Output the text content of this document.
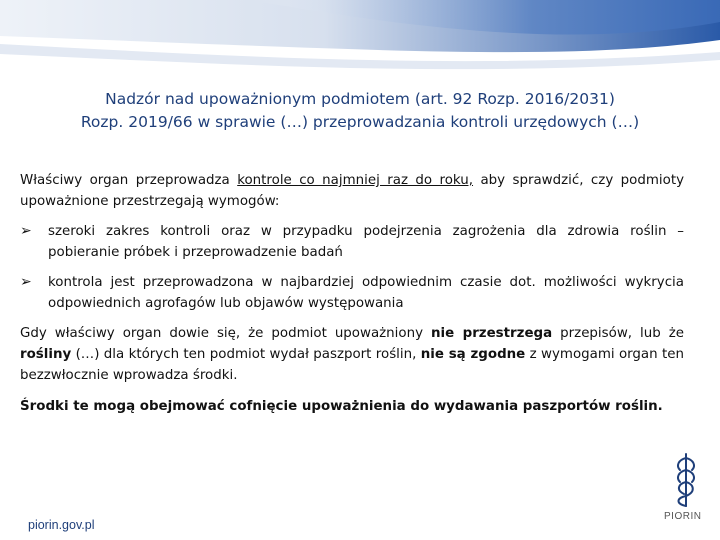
Nadzór nad upoważnionym podmiotem (art. 92 Rozp. 2016/2031)
Rozp. 2019/66 w sprawie (…) przeprowadzania kontroli urzędowych (…)

Właściwy organ przeprowadza kontrole co najmniej raz do roku, aby sprawdzić, czy podmioty upoważnione przestrzegają wymogów:

➢ szeroki zakres kontroli oraz w przypadku podejrzenia zagrożenia dla zdrowia roślin – pobieranie próbek i przeprowadzenie badań
➢ kontrola jest przeprowadzona w najbardziej odpowiednim czasie dot. możliwości wykrycia odpowiednich agrofagów lub objawów występowania

Gdy właściwy organ dowie się, że podmiot upoważniony nie przestrzega przepisów, lub że rośliny (…) dla których ten podmiot wydał paszport roślin, nie są zgodne z wymogami organ ten bezzwłocznie wprowadza środki.

Środki te mogą obejmować cofnięcie upoważnienia do wydawania paszportów roślin.

piorin.gov.pl
PIORIN
